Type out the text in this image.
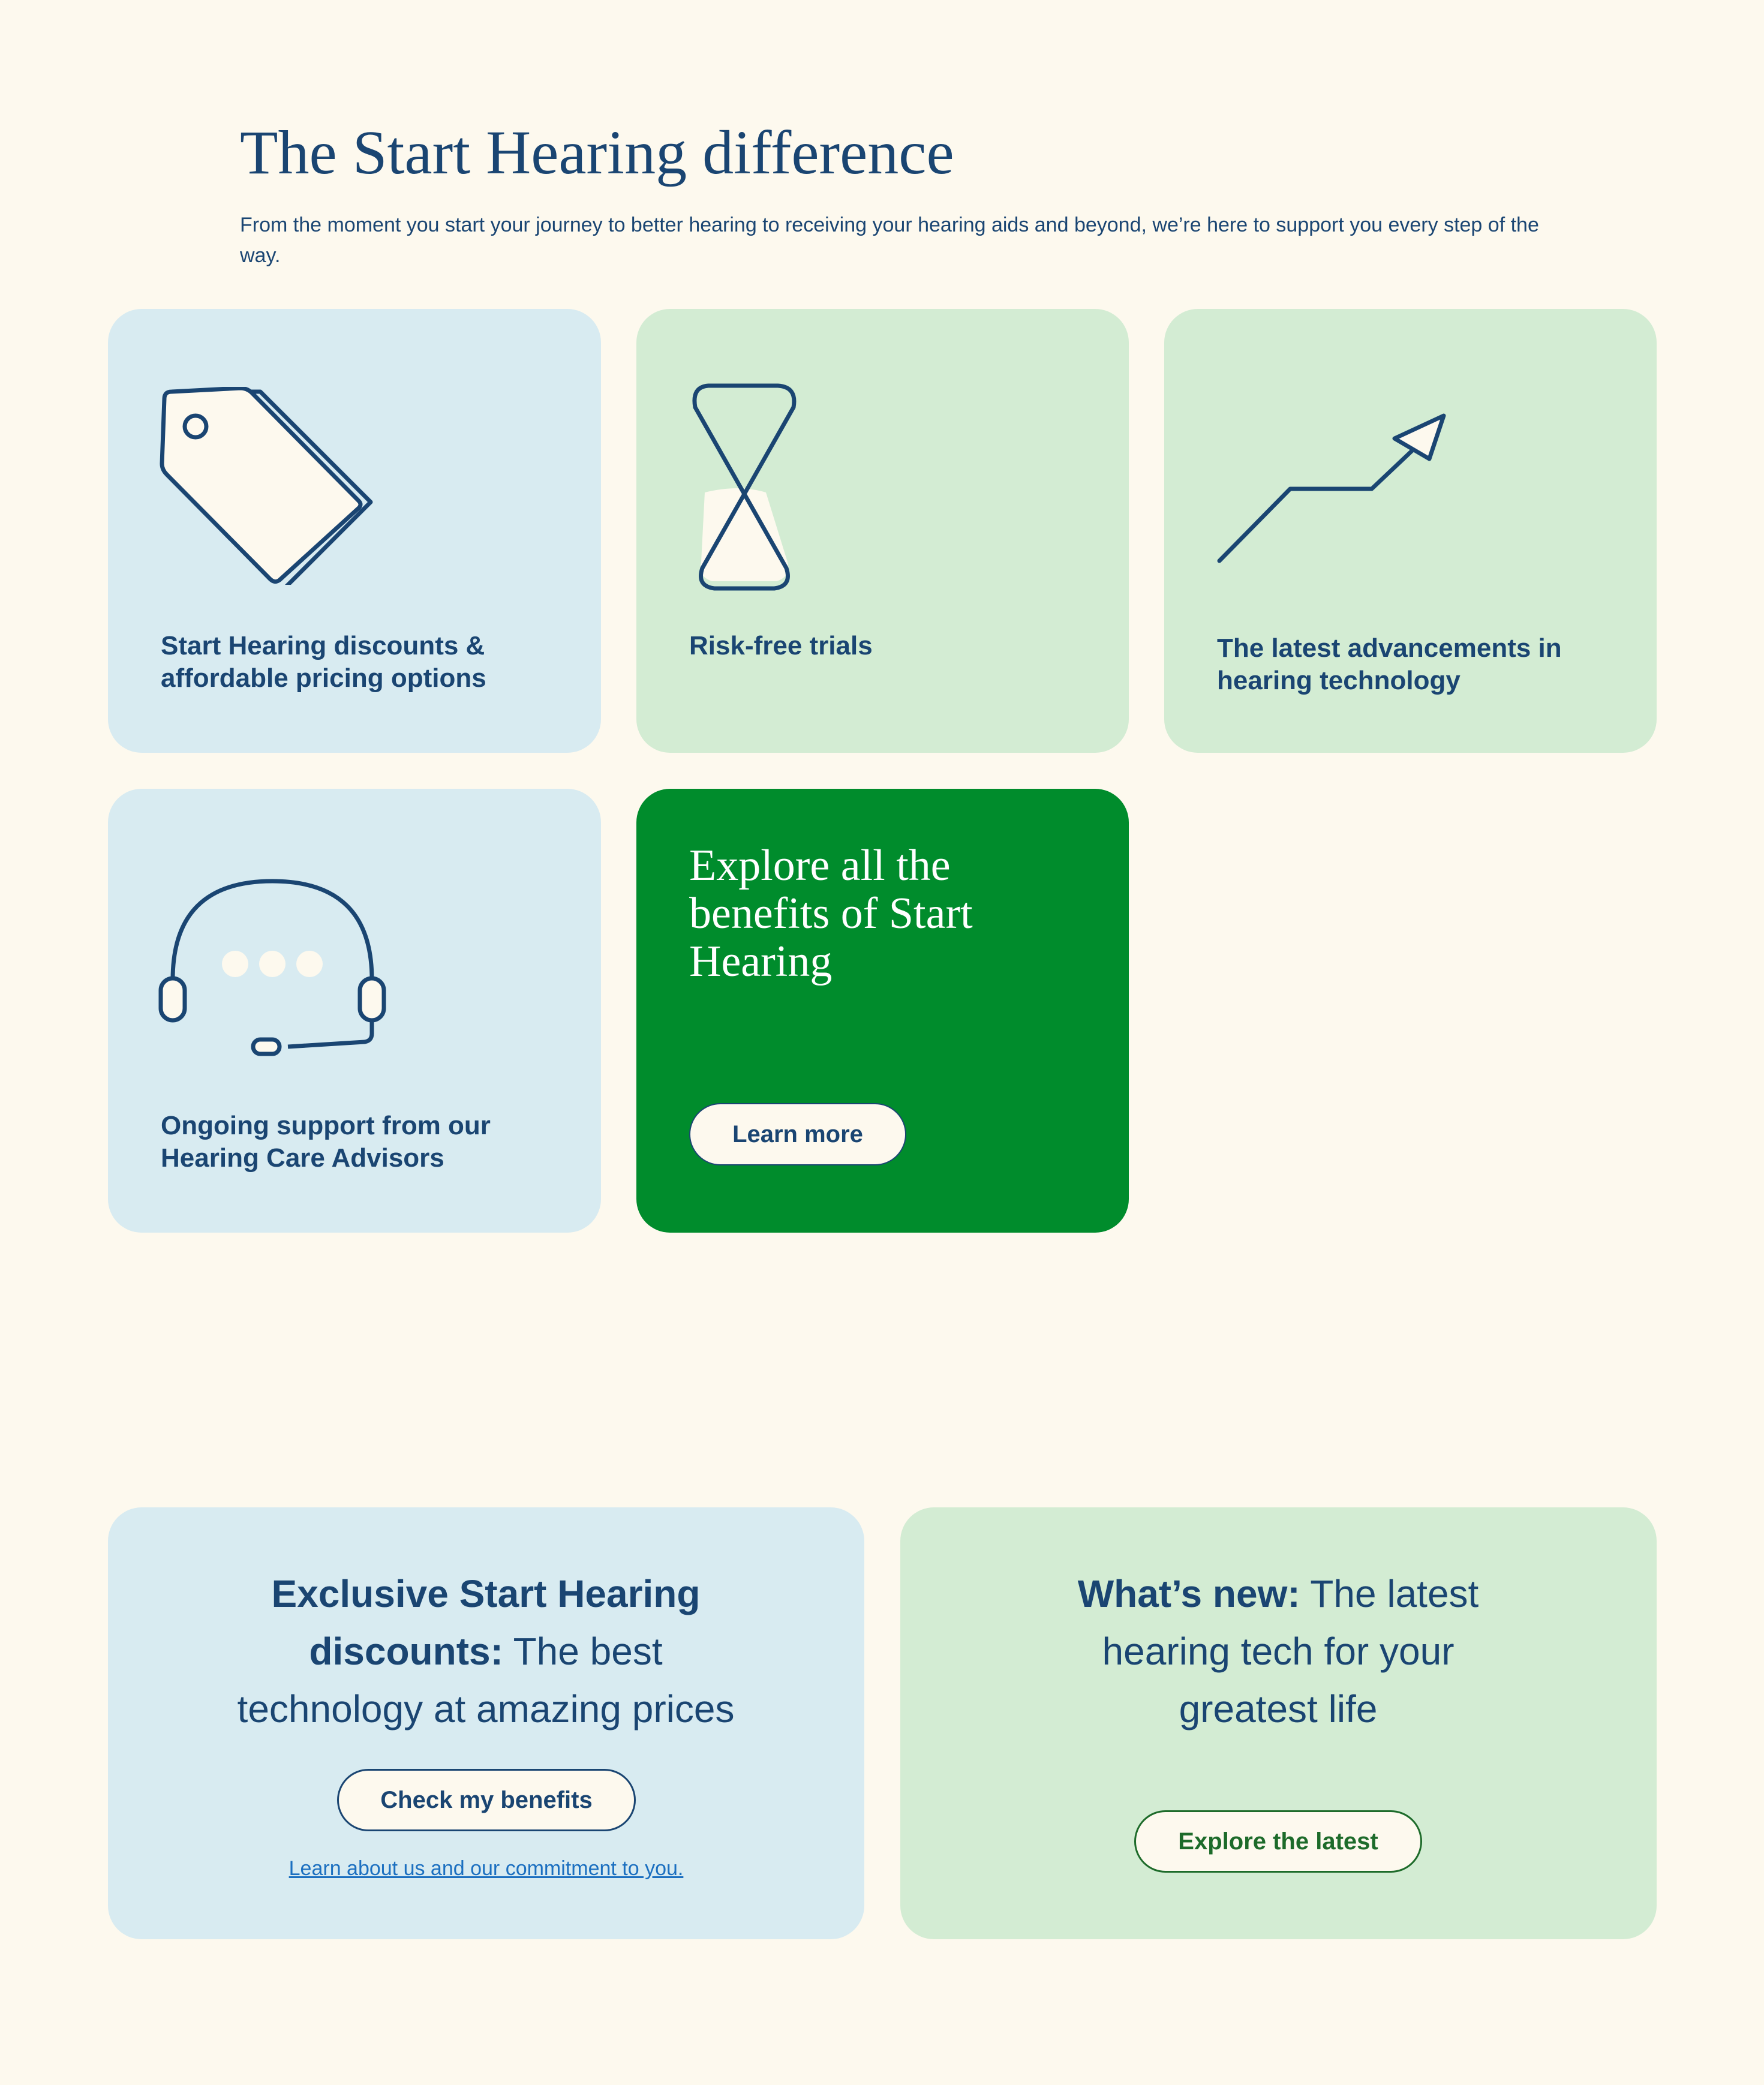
The Start Hearing difference

From the moment you start your journey to better hearing to receiving your hearing aids and beyond, we’re here to support you every step of the way.

Start Hearing discounts & affordable pricing options

Risk-free trials	The latest advancements in hearing technology

Ongoing support from our Hearing Care Advisors

Explore all the benefits of Start Hearing
Learn more

Exclusive Start Hearing discounts: The best technology at amazing prices

Check my benefits
Learn about us and our commitment to you.

What’s new: The latest hearing tech for your greatest life

Explore the latest
